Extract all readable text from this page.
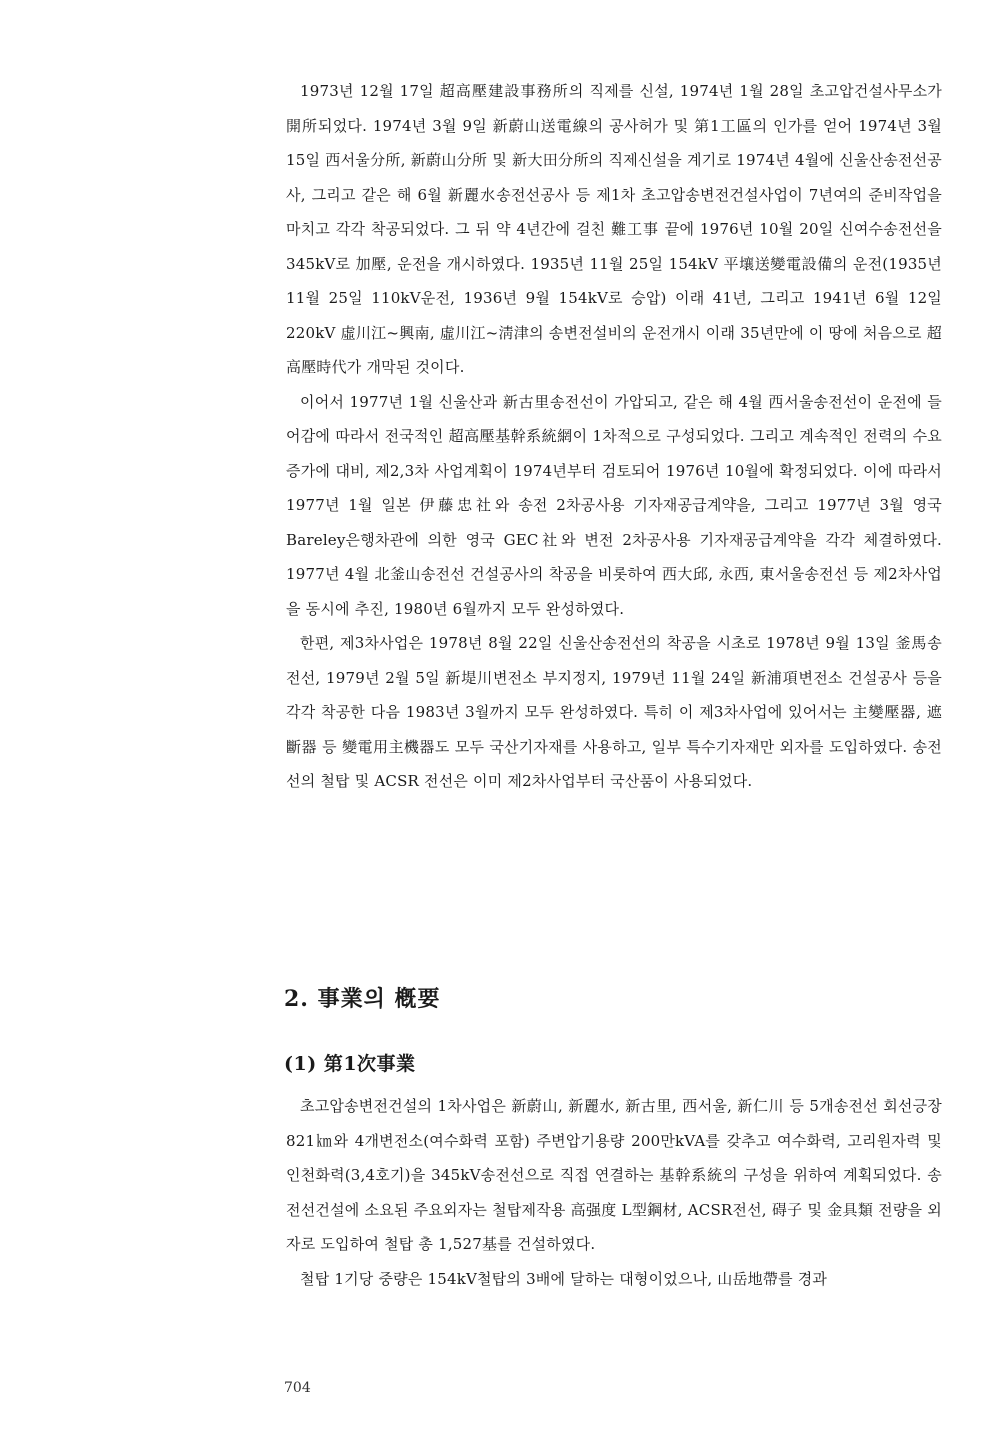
1973년 12월 17일 超高壓建設事務所의 직제를 신설, 1974년 1월 28일 초고압건설사무소가 開所되었다. 1974년 3월 9일 新蔚山送電線의 공사허가 및 第1工區의 인가를 얻어 1974년 3월 15일 西서울分所, 新蔚山分所 및 新大田分所의 직제신설을 계기로 1974년 4월에 신울산송전선공사, 그리고 같은 해 6월 新麗水송전선공사 등 제1차 초고압송변전건설사업이 7년여의 준비작업을 마치고 각각 착공되었다. 그 뒤 약 4년간에 걸친 難工事 끝에 1976년 10월 20일 신여수송전선을 345kV로 加壓, 운전을 개시하였다. 1935년 11월 25일 154kV 平壤送變電設備의 운전(1935년 11월 25일 110kV운전, 1936년 9월 154kV로 승압) 이래 41년, 그리고 1941년 6월 12일 220kV 虛川江~興南, 虛川江~淸津의 송변전설비의 운전개시 이래 35년만에 이 땅에 처음으로 超高壓時代가 개막된 것이다.

이어서 1977년 1월 신울산과 新古里송전선이 가압되고, 같은 해 4월 西서울송전선이 운전에 들어감에 따라서 전국적인 超高壓基幹系統網이 1차적으로 구성되었다. 그리고 계속적인 전력의 수요증가에 대비, 제2,3차 사업계획이 1974년부터 검토되어 1976년 10월에 확정되었다. 이에 따라서 1977년 1월 일본 伊藤忠社와 송전 2차공사용 기자재공급계약을, 그리고 1977년 3월 영국 Bareley은행차관에 의한 영국 GEC社와 변전 2차공사용 기자재공급계약을 각각 체결하였다. 1977년 4월 北釜山송전선 건설공사의 착공을 비롯하여 西大邱, 永西, 東서울송전선 등 제2차사업을 동시에 추진, 1980년 6월까지 모두 완성하였다.

한편, 제3차사업은 1978년 8월 22일 신울산송전선의 착공을 시초로 1978년 9월 13일 釜馬송전선, 1979년 2월 5일 新堤川변전소 부지정지, 1979년 11월 24일 新浦項변전소 건설공사 등을 각각 착공한 다음 1983년 3월까지 모두 완성하였다. 특히 이 제3차사업에 있어서는 主變壓器, 遮斷器 등 變電用主機器도 모두 국산기자재를 사용하고, 일부 특수기자재만 외자를 도입하였다. 송전선의 철탑 및 ACSR 전선은 이미 제2차사업부터 국산품이 사용되었다.

2. 事業의 槪要
(1) 第1次事業

초고압송변전건설의 1차사업은 新蔚山, 新麗水, 新古里, 西서울, 新仁川 등 5개송전선 회선긍장 821㎞와 4개변전소(여수화력 포함) 주변압기용량 200만kVA를 갖추고 여수화력, 고리원자력 및 인천화력(3,4호기)을 345kV송전선으로 직접 연결하는 基幹系統의 구성을 위하여 계획되었다. 송전선건설에 소요된 주요외자는 철탑제작용 高强度 L型鋼材, ACSR전선, 碍子 및 金具類 전량을 외자로 도입하여 철탑 총 1,527基를 건설하였다.

철탑 1기당 중량은 154kV철탑의 3배에 달하는 대형이었으나, 山岳地帶를 경과

704
